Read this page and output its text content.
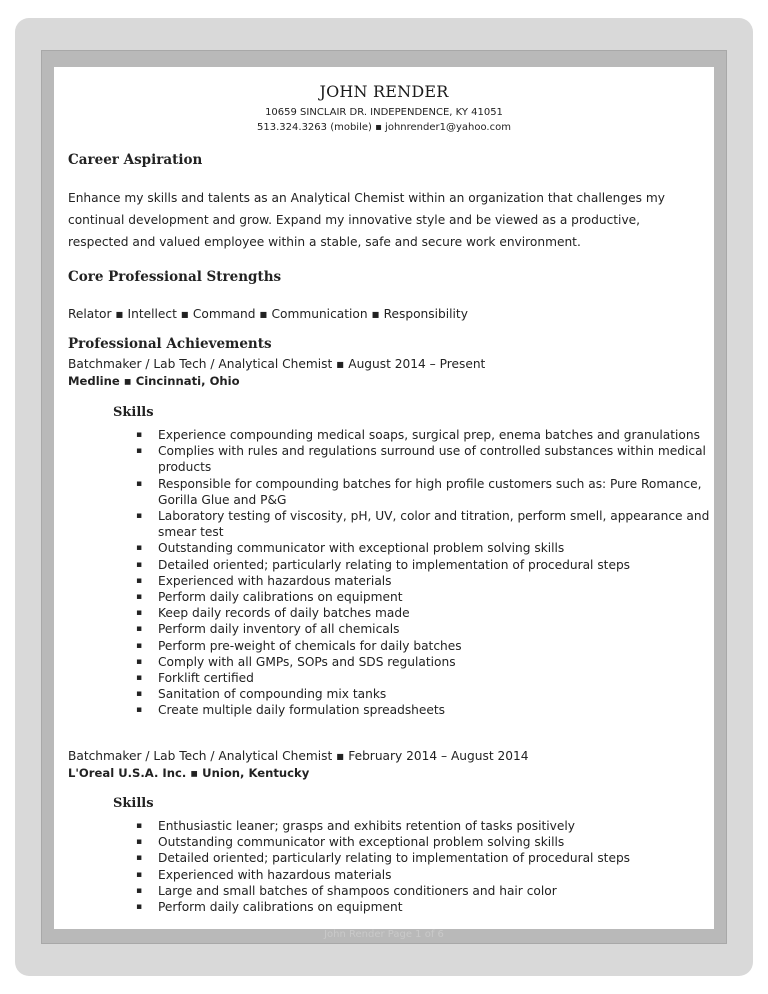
JOHN RENDER
10659 SINCLAIR DR. INDEPENDENCE, KY 41051
513.324.3263 (mobile) ▪ johnrender1@yahoo.com
Career Aspiration
Enhance my skills and talents as an Analytical Chemist within an organization that challenges my
continual development and grow. Expand my innovative style and be viewed as a productive,
respected and valued employee within a stable, safe and secure work environment.
Core Professional Strengths
Relator ▪ Intellect ▪ Command ▪ Communication ▪ Responsibility
Professional Achievements
Batchmaker / Lab Tech / Analytical Chemist ▪ August 2014 – Present
Medline ▪ Cincinnati, Ohio
Skills
▪ Experience compounding medical soaps, surgical prep, enema batches and granulations
▪ Complies with rules and regulations surround use of controlled substances within medical products
▪ Responsible for compounding batches for high profile customers such as: Pure Romance, Gorilla Glue and P&G
▪ Laboratory testing of viscosity, pH, UV, color and titration, perform smell, appearance and smear test
▪ Outstanding communicator with exceptional problem solving skills
▪ Detailed oriented; particularly relating to implementation of procedural steps
▪ Experienced with hazardous materials
▪ Perform daily calibrations on equipment
▪ Keep daily records of daily batches made
▪ Perform daily inventory of all chemicals
▪ Perform pre-weight of chemicals for daily batches
▪ Comply with all GMPs, SOPs and SDS regulations
▪ Forklift certified
▪ Sanitation of compounding mix tanks
▪ Create multiple daily formulation spreadsheets
Batchmaker / Lab Tech / Analytical Chemist ▪ February 2014 – August 2014
L'Oreal U.S.A. Inc. ▪ Union, Kentucky
Skills
▪ Enthusiastic leaner; grasps and exhibits retention of tasks positively
▪ Outstanding communicator with exceptional problem solving skills
▪ Detailed oriented; particularly relating to implementation of procedural steps
▪ Experienced with hazardous materials
▪ Large and small batches of shampoos conditioners and hair color
▪ Perform daily calibrations on equipment
John Render Page 1 of 6
